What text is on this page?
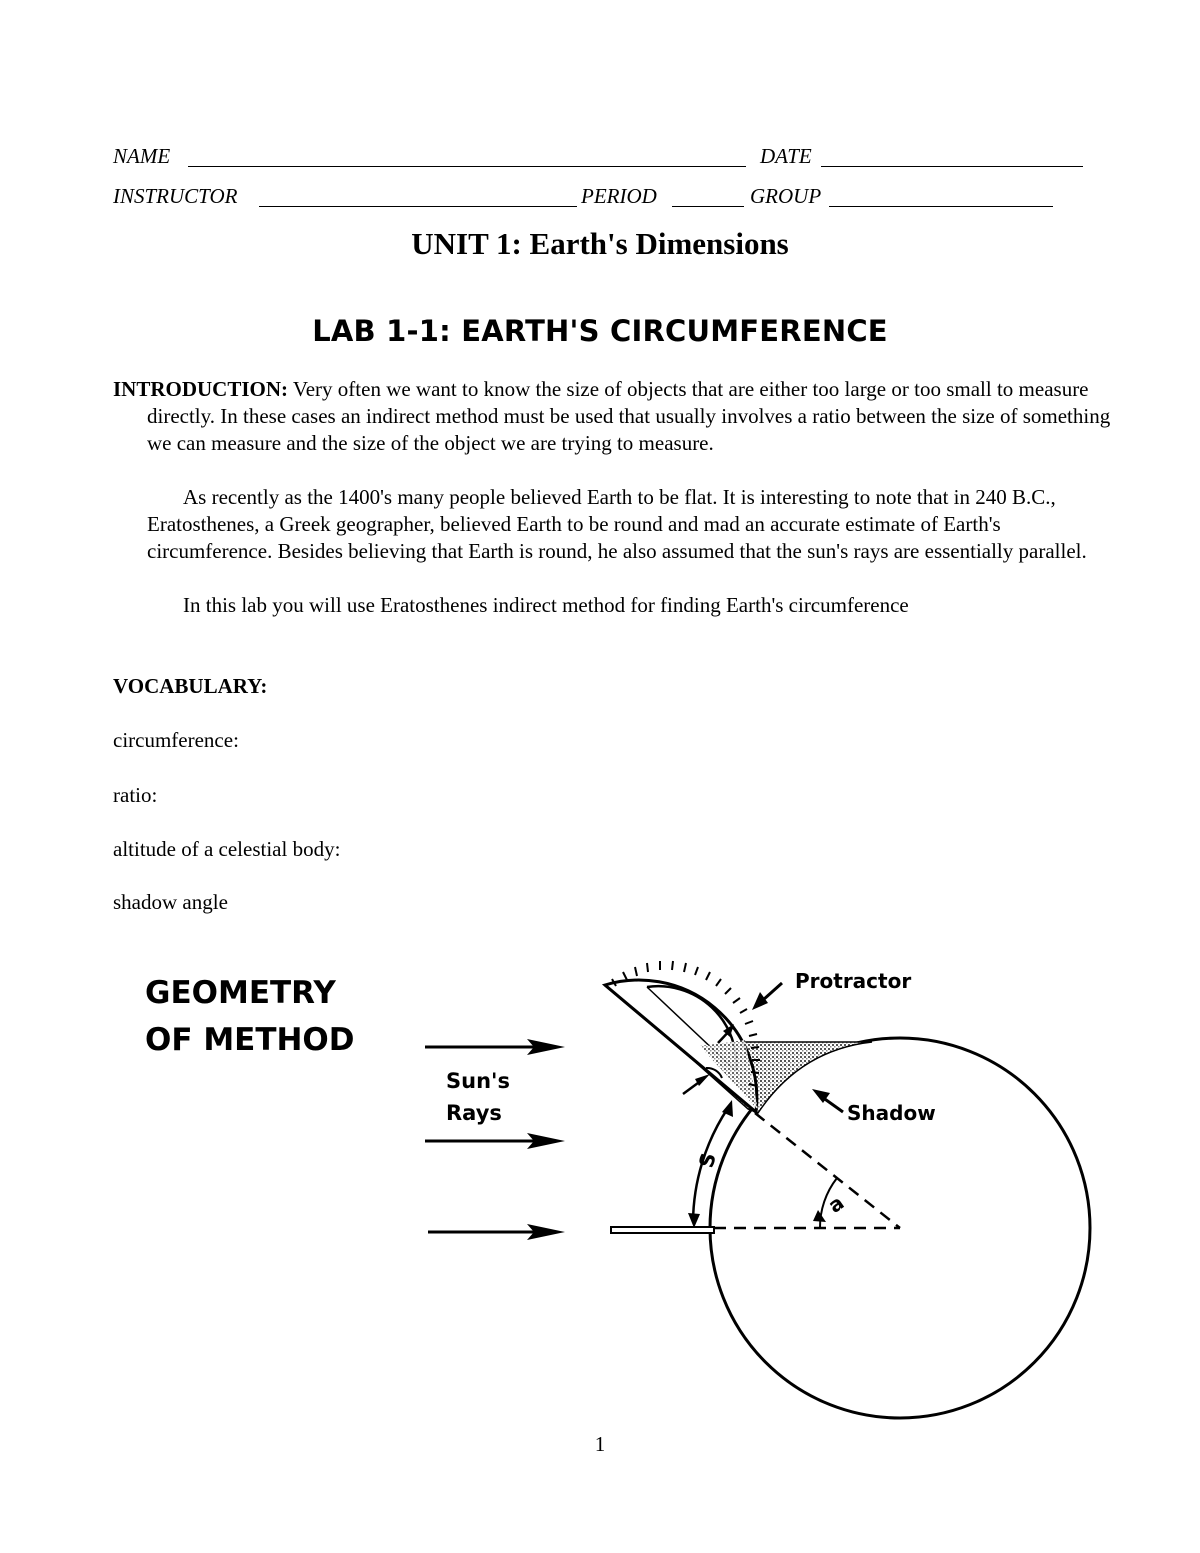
NAME	DATE
INSTRUCTOR	PERIOD	GROUP
UNIT 1: Earth's Dimensions
LAB 1-1: EARTH'S CIRCUMFERENCE
INTRODUCTION: Very often we want to know the size of objects that are either too large or too small to measure directly. In these cases an indirect method must be used that usually involves a ratio between the size of something we can measure and the size of the object we are trying to measure.
As recently as the 1400's many people believed Earth to be flat. It is interesting to note that in 240 B.C., Eratosthenes, a Greek geographer, believed Earth to be round and mad an accurate estimate of Earth's circumference. Besides believing that Earth is round, he also assumed that the sun's rays are essentially parallel.
In this lab you will use Eratosthenes indirect method for finding Earth's circumference
VOCABULARY:
circumference:
ratio:
altitude of a celestial body:
shadow angle
GEOMETRY
OF METHOD
Sun's
Rays
Protractor
Shadow
S
a
1
